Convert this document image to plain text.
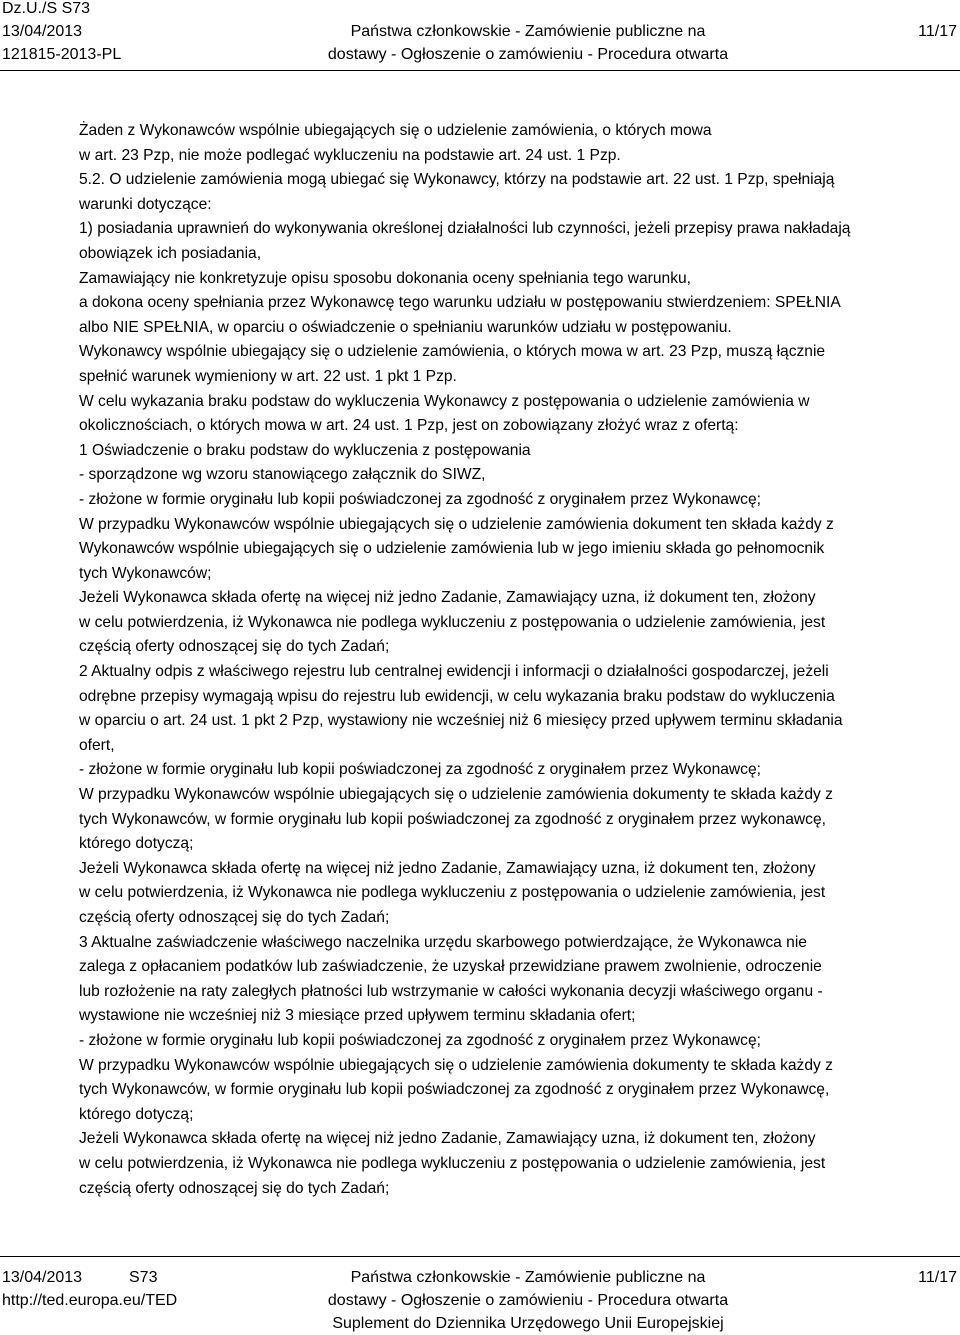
Dz.U./S S73
13/04/2013
121815-2013-PL
Państwa członkowskie - Zamówienie publiczne na
dostawy - Ogłoszenie o zamówieniu - Procedura otwarta
11/17
Żaden z Wykonawców wspólnie ubiegających się o udzielenie zamówienia, o których mowa
w art. 23 Pzp, nie może podlegać wykluczeniu na podstawie art. 24 ust. 1 Pzp.
5.2. O udzielenie zamówienia mogą ubiegać się Wykonawcy, którzy na podstawie art. 22 ust. 1 Pzp, spełniają
warunki dotyczące:
1) posiadania uprawnień do wykonywania określonej działalności lub czynności, jeżeli przepisy prawa nakładają
obowiązek ich posiadania,
Zamawiający nie konkretyzuje opisu sposobu dokonania oceny spełniania tego warunku,
a dokona oceny spełniania przez Wykonawcę tego warunku udziału w postępowaniu stwierdzeniem: SPEŁNIA
albo NIE SPEŁNIA, w oparciu o oświadczenie o spełnianiu warunków udziału w postępowaniu.
Wykonawcy wspólnie ubiegający się o udzielenie zamówienia, o których mowa w art. 23 Pzp, muszą łącznie
spełnić warunek wymieniony w art. 22 ust. 1 pkt 1 Pzp.
W celu wykazania braku podstaw do wykluczenia Wykonawcy z postępowania o udzielenie zamówienia w
okolicznościach, o których mowa w art. 24 ust. 1 Pzp, jest on zobowiązany złożyć wraz z ofertą:
1 Oświadczenie o braku podstaw do wykluczenia z postępowania
- sporządzone wg wzoru stanowiącego załącznik do SIWZ,
- złożone w formie oryginału lub kopii poświadczonej za zgodność z oryginałem przez Wykonawcę;
W przypadku Wykonawców wspólnie ubiegających się o udzielenie zamówienia dokument ten składa każdy z
Wykonawców wspólnie ubiegających się o udzielenie zamówienia lub w jego imieniu składa go pełnomocnik
tych Wykonawców;
Jeżeli Wykonawca składa ofertę na więcej niż jedno Zadanie, Zamawiający uzna, iż dokument ten, złożony
w celu potwierdzenia, iż Wykonawca nie podlega wykluczeniu z postępowania o udzielenie zamówienia, jest
częścią oferty odnoszącej się do tych Zadań;
2 Aktualny odpis z właściwego rejestru lub centralnej ewidencji i informacji o działalności gospodarczej, jeżeli
odrębne przepisy wymagają wpisu do rejestru lub ewidencji, w celu wykazania braku podstaw do wykluczenia
w oparciu o art. 24 ust. 1 pkt 2 Pzp, wystawiony nie wcześniej niż 6 miesięcy przed upływem terminu składania
ofert,
- złożone w formie oryginału lub kopii poświadczonej za zgodność z oryginałem przez Wykonawcę;
W przypadku Wykonawców wspólnie ubiegających się o udzielenie zamówienia dokumenty te składa każdy z
tych Wykonawców, w formie oryginału lub kopii poświadczonej za zgodność z oryginałem przez wykonawcę,
którego dotyczą;
Jeżeli Wykonawca składa ofertę na więcej niż jedno Zadanie, Zamawiający uzna, iż dokument ten, złożony
w celu potwierdzenia, iż Wykonawca nie podlega wykluczeniu z postępowania o udzielenie zamówienia, jest
częścią oferty odnoszącej się do tych Zadań;
3 Aktualne zaświadczenie właściwego naczelnika urzędu skarbowego potwierdzające, że Wykonawca nie
zalega z opłacaniem podatków lub zaświadczenie, że uzyskał przewidziane prawem zwolnienie, odroczenie
lub rozłożenie na raty zaległych płatności lub wstrzymanie w całości wykonania decyzji właściwego organu -
wystawione nie wcześniej niż 3 miesiące przed upływem terminu składania ofert;
- złożone w formie oryginału lub kopii poświadczonej za zgodność z oryginałem przez Wykonawcę;
W przypadku Wykonawców wspólnie ubiegających się o udzielenie zamówienia dokumenty te składa każdy z
tych Wykonawców, w formie oryginału lub kopii poświadczonej za zgodność z oryginałem przez Wykonawcę,
którego dotyczą;
Jeżeli Wykonawca składa ofertę na więcej niż jedno Zadanie, Zamawiający uzna, iż dokument ten, złożony
w celu potwierdzenia, iż Wykonawca nie podlega wykluczeniu z postępowania o udzielenie zamówienia, jest
częścią oferty odnoszącej się do tych Zadań;
13/04/2013	S73
http://ted.europa.eu/TED
Państwa członkowskie - Zamówienie publiczne na
dostawy - Ogłoszenie o zamówieniu - Procedura otwarta
Suplement do Dziennika Urzędowego Unii Europejskiej
11/17
